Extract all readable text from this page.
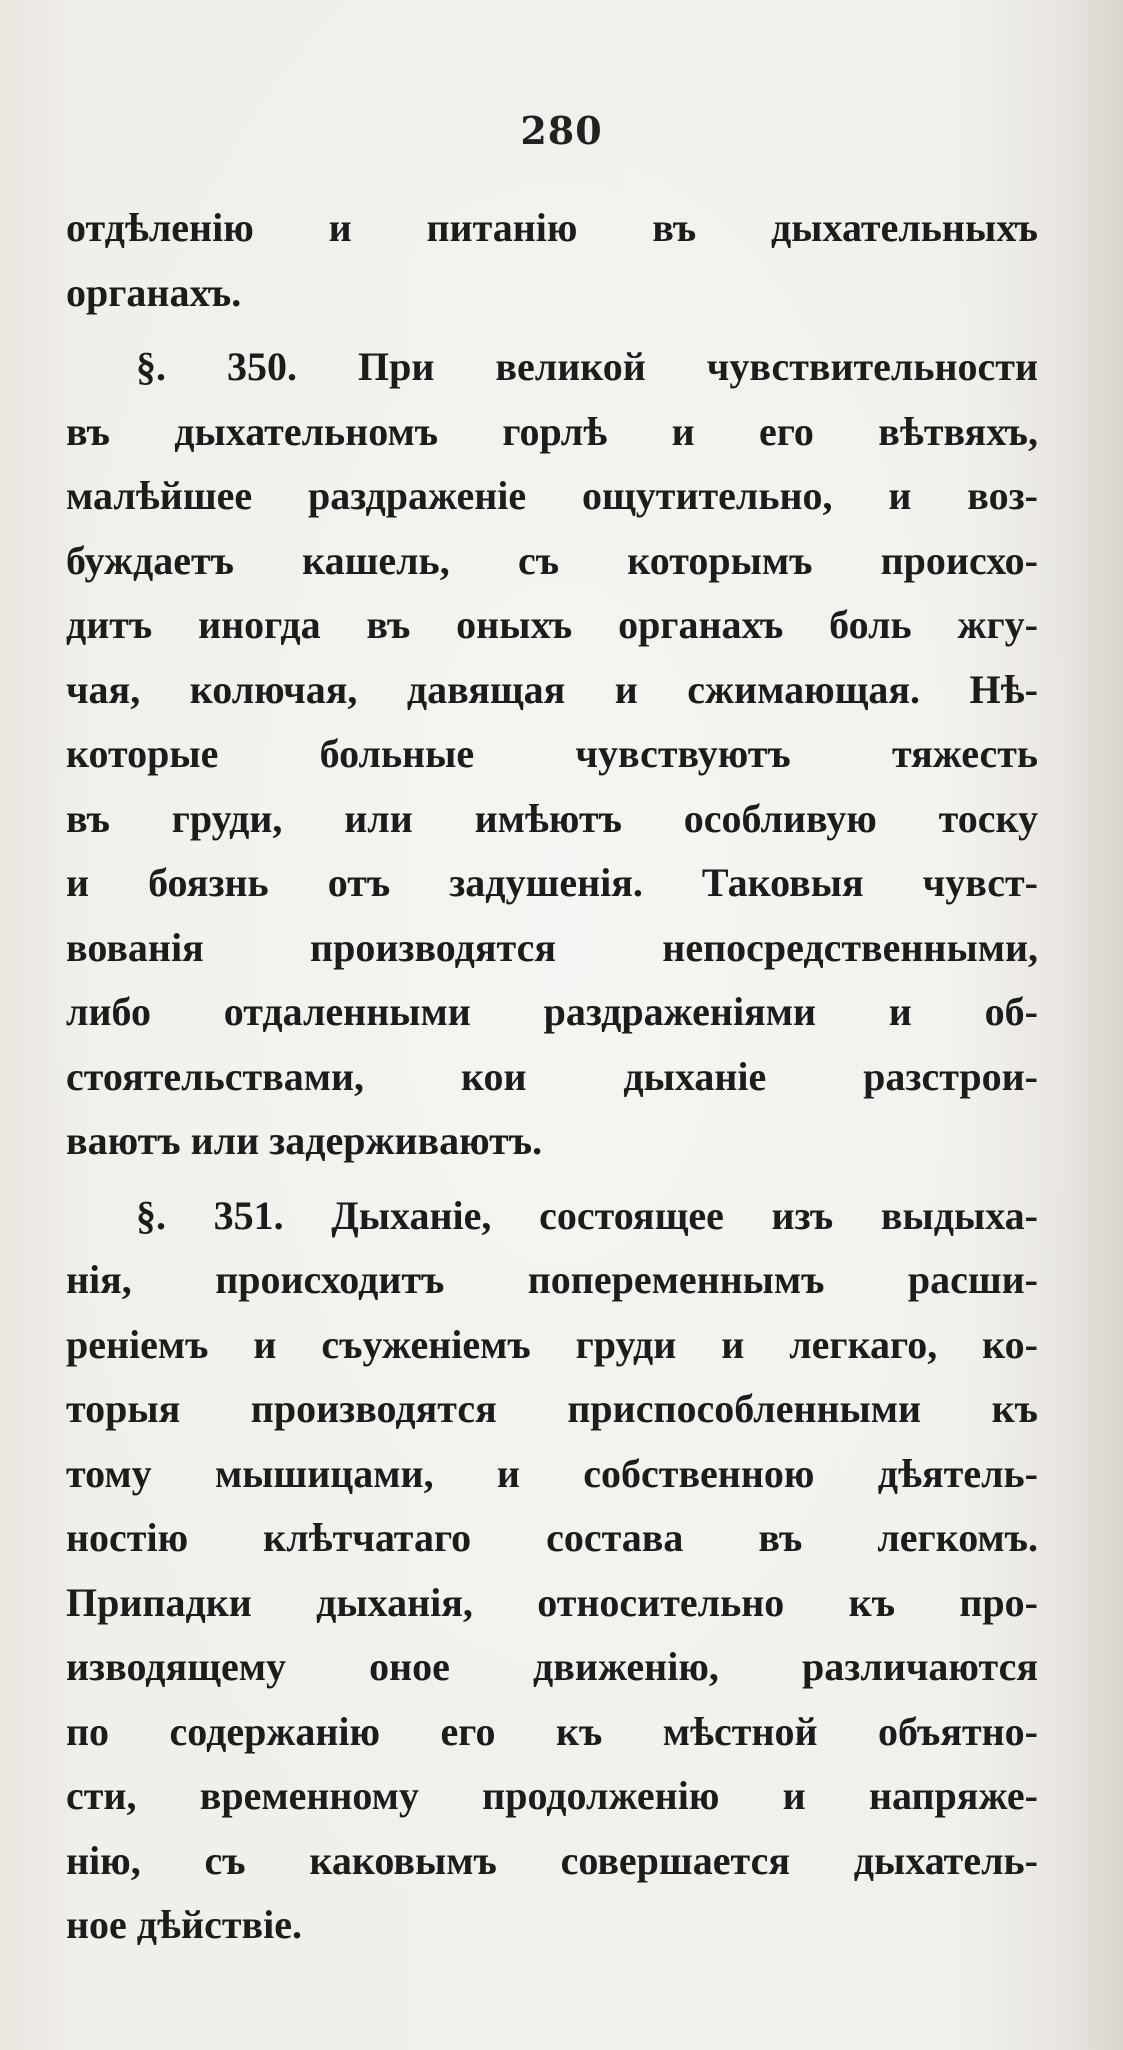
280
отдѣленію и питанію въ дыхательныхъ
органахъ.
§. 350. При великой чувствительности
въ дыхательномъ горлѣ и его вѣтвяхъ,
малѣйшее раздраженіе ощутительно, и воз-
буждаетъ кашель, съ которымъ происхо-
дитъ иногда въ оныхъ органахъ боль жгу-
чая, колючая, давящая и сжимающая. Нѣ-
которые больные чувствуютъ тяжесть
въ груди, или имѣютъ особливую тоску
и боязнь отъ задушенія. Таковыя чувст-
вованія производятся непосредственными,
либо отдаленными раздраженіями и об-
стоятельствами, кои дыханіе разстрои-
ваютъ или задерживаютъ.
§. 351. Дыханіе, состоящее изъ выдыха-
нія, происходитъ попеременнымъ расши-
реніемъ и съуженіемъ груди и легкаго, ко-
торыя производятся приспособленными къ
тому мышицами, и собственною дѣятель-
ностію клѣтчатаго состава въ легкомъ.
Припадки дыханія, относительно къ про-
изводящему оное движенію, различаются
по содержанію его къ мѣстной объятно-
сти, временному продолженію и напряже-
нію, съ каковымъ совершается дыхатель-
ное дѣйствіе.
